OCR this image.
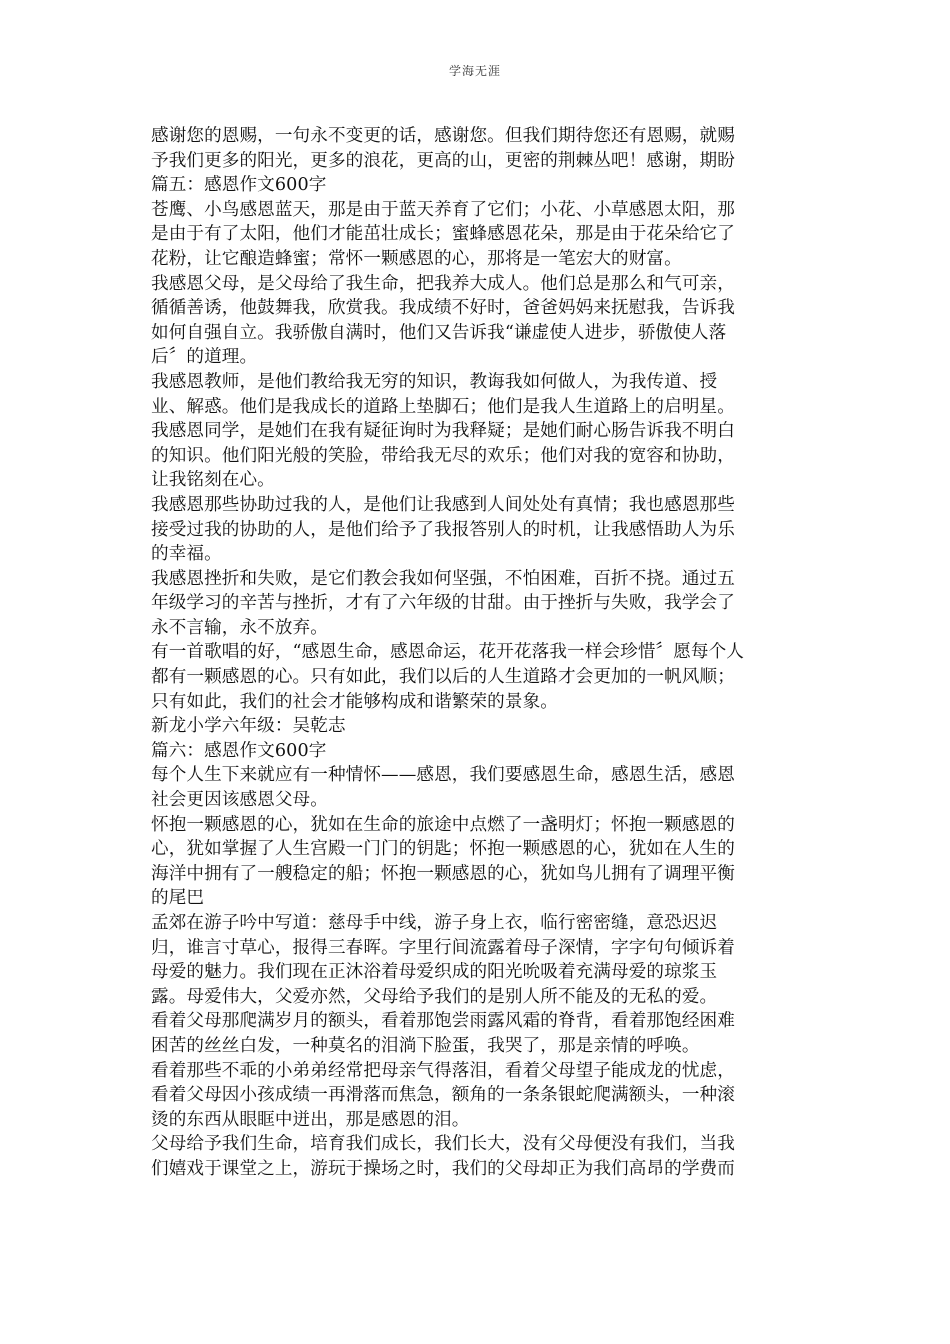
学海无涯
感谢您的恩赐，一句永不变更的话，感谢您。但我们期待您还有恩赐，就赐
予我们更多的阳光，更多的浪花，更高的山，更密的荆棘丛吧！感谢，期盼
篇五：感恩作文600字
苍鹰、小鸟感恩蓝天，那是由于蓝天养育了它们；小花、小草感恩太阳，那
是由于有了太阳，他们才能茁壮成长；蜜蜂感恩花朵，那是由于花朵给它了
花粉，让它酿造蜂蜜；常怀一颗感恩的心，那将是一笔宏大的财富。
我感恩父母，是父母给了我生命，把我养大成人。他们总是那么和气可亲，
循循善诱，他鼓舞我，欣赏我。我成绩不好时，爸爸妈妈来抚慰我，告诉我
如何自强自立。我骄傲自满时，他们又告诉我“谦虚使人进步，骄傲使人落
后〞的道理。
我感恩教师，是他们教给我无穷的知识，教诲我如何做人，为我传道、授
业、解惑。他们是我成长的道路上垫脚石；他们是我人生道路上的启明星。
我感恩同学，是她们在我有疑征询时为我释疑；是她们耐心肠告诉我不明白
的知识。他们阳光般的笑脸，带给我无尽的欢乐；他们对我的宽容和协助，
让我铭刻在心。
我感恩那些协助过我的人，是他们让我感到人间处处有真情；我也感恩那些
接受过我的协助的人，是他们给予了我报答别人的时机，让我感悟助人为乐
的幸福。
我感恩挫折和失败，是它们教会我如何坚强，不怕困难，百折不挠。通过五
年级学习的辛苦与挫折，才有了六年级的甘甜。由于挫折与失败，我学会了
永不言输，永不放弃。
有一首歌唱的好，“感恩生命，感恩命运，花开花落我一样会珍惜〞愿每个人
都有一颗感恩的心。只有如此，我们以后的人生道路才会更加的一帆风顺；
只有如此，我们的社会才能够构成和谐繁荣的景象。
新龙小学六年级：吴乾志
篇六：感恩作文600字
每个人生下来就应有一种情怀——感恩，我们要感恩生命，感恩生活，感恩
社会更因该感恩父母。
怀抱一颗感恩的心，犹如在生命的旅途中点燃了一盏明灯；怀抱一颗感恩的
心，犹如掌握了人生宫殿一门门的钥匙；怀抱一颗感恩的心，犹如在人生的
海洋中拥有了一艘稳定的船；怀抱一颗感恩的心，犹如鸟儿拥有了调理平衡
的尾巴
孟郊在游子吟中写道：慈母手中线，游子身上衣，临行密密缝，意恐迟迟
归，谁言寸草心，报得三春晖。字里行间流露着母子深情，字字句句倾诉着
母爱的魅力。我们现在正沐浴着母爱织成的阳光吮吸着充满母爱的琼浆玉
露。母爱伟大，父爱亦然，父母给予我们的是别人所不能及的无私的爱。
看着父母那爬满岁月的额头，看着那饱尝雨露风霜的脊背，看着那饱经困难
困苦的丝丝白发，一种莫名的泪淌下脸蛋，我哭了，那是亲情的呼唤。
看着那些不乖的小弟弟经常把母亲气得落泪，看着父母望子能成龙的忧虑，
看着父母因小孩成绩一再滑落而焦急，额角的一条条银蛇爬满额头，一种滚
烫的东西从眼眶中迸出，那是感恩的泪。
父母给予我们生命，培育我们成长，我们长大，没有父母便没有我们，当我
们嬉戏于课堂之上，游玩于操场之时，我们的父母却正为我们高昂的学费而
